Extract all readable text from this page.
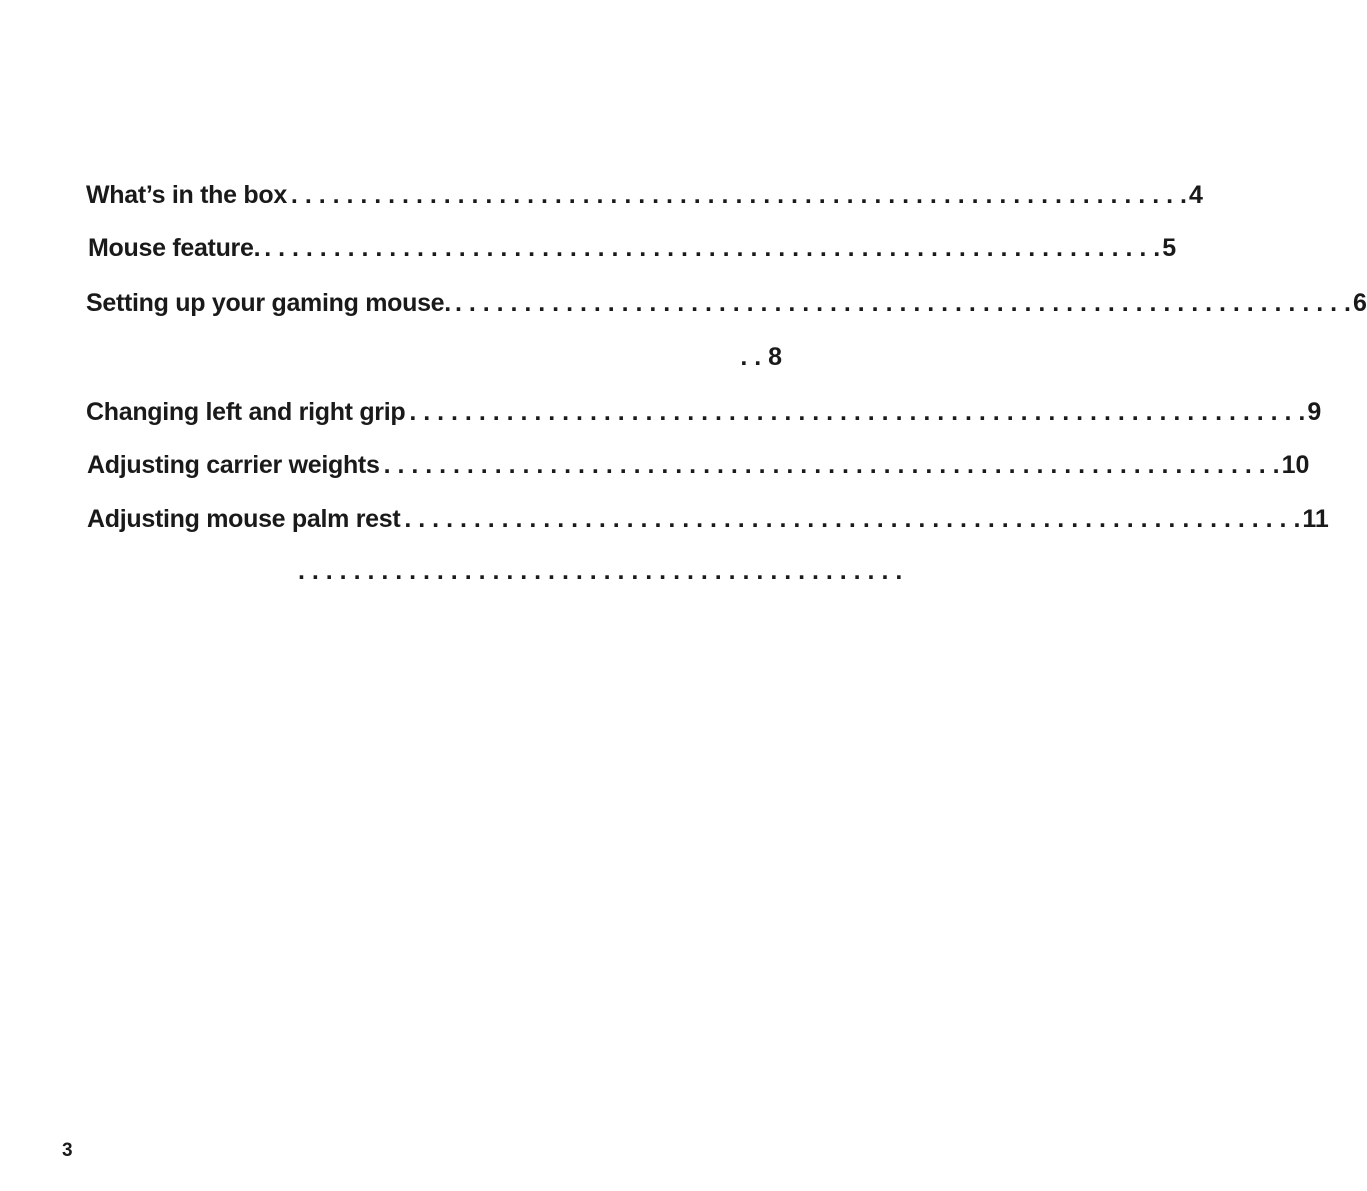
What’s in the box . . .	4
Mouse feature. . . .	5
Setting up your gaming mouse. . . .	6
. . 8
Changing left and right grip . . .	9
Adjusting carrier weights . . .	10
Adjusting mouse palm rest . . .	11
. . . . . . . . . . . . . . . . . . . . . . . . . . . . . . . . . . . . . . . . . . . .
3
